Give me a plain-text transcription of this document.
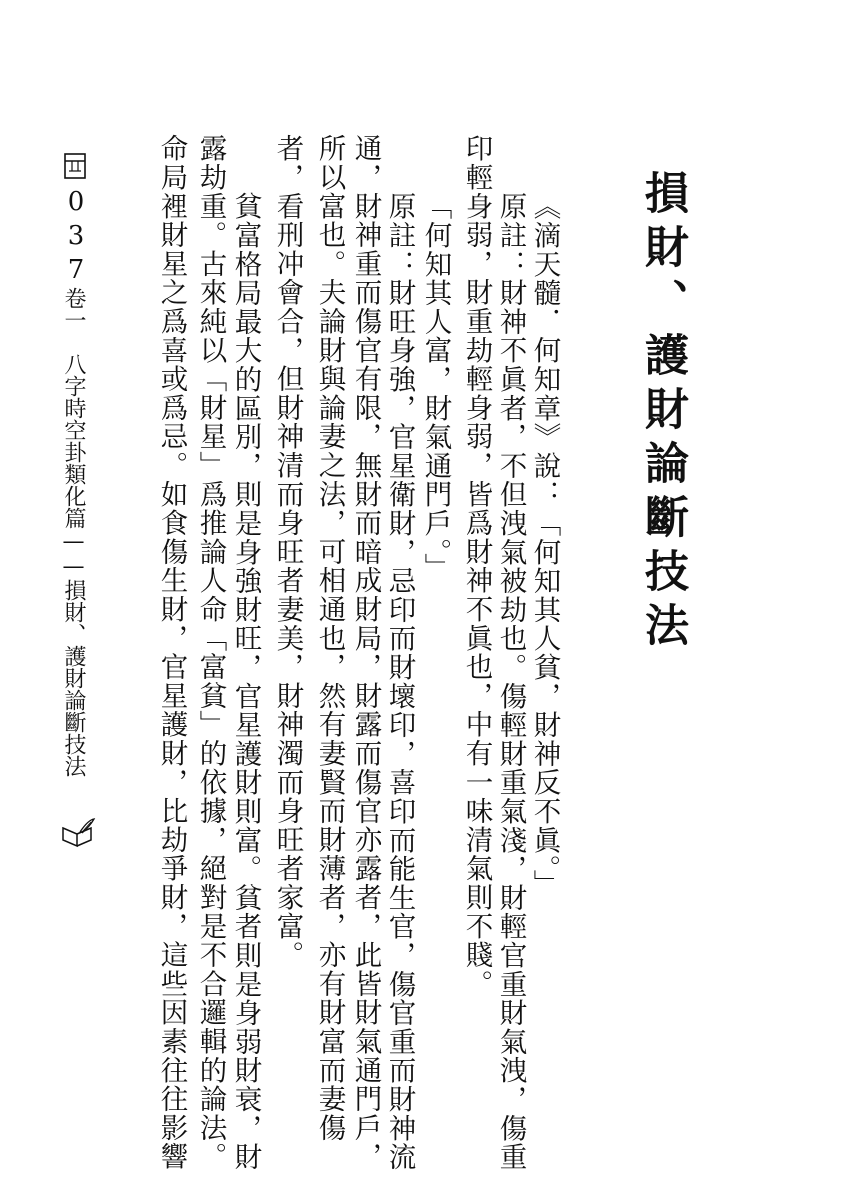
損財、護財論斷技法
《滴天髓．何知章》說：「何知其人貧，財神反不眞。」
原註：財神不眞者，不但洩氣被劫也。傷輕財重氣淺，財輕官重財氣洩，傷重
印輕身弱，財重劫輕身弱，皆爲財神不眞也，中有一味清氣則不賤。
「何知其人富，財氣通門戶。」
原註：財旺身強，官星衛財，忌印而財壞印，喜印而能生官，傷官重而財神流
通，財神重而傷官有限，無財而暗成財局，財露而傷官亦露者，此皆財氣通門戶，
所以富也。夫論財與論妻之法，可相通也，然有妻賢而財薄者，亦有財富而妻傷
者，看刑冲會合，但財神清而身旺者妻美，財神濁而身旺者家富。
貧富格局最大的區別，則是身強財旺，官星護財則富。貧者則是身弱財衰，財
露劫重。古來純以「財星」爲推論人命「富貧」的依據，絕對是不合邏輯的論法。
命局裡財星之爲喜或爲忌。如食傷生財，官星護財，比劫爭財，這些因素往往影響
037
卷一　八字時空卦類化篇——損財、護財論斷技法
